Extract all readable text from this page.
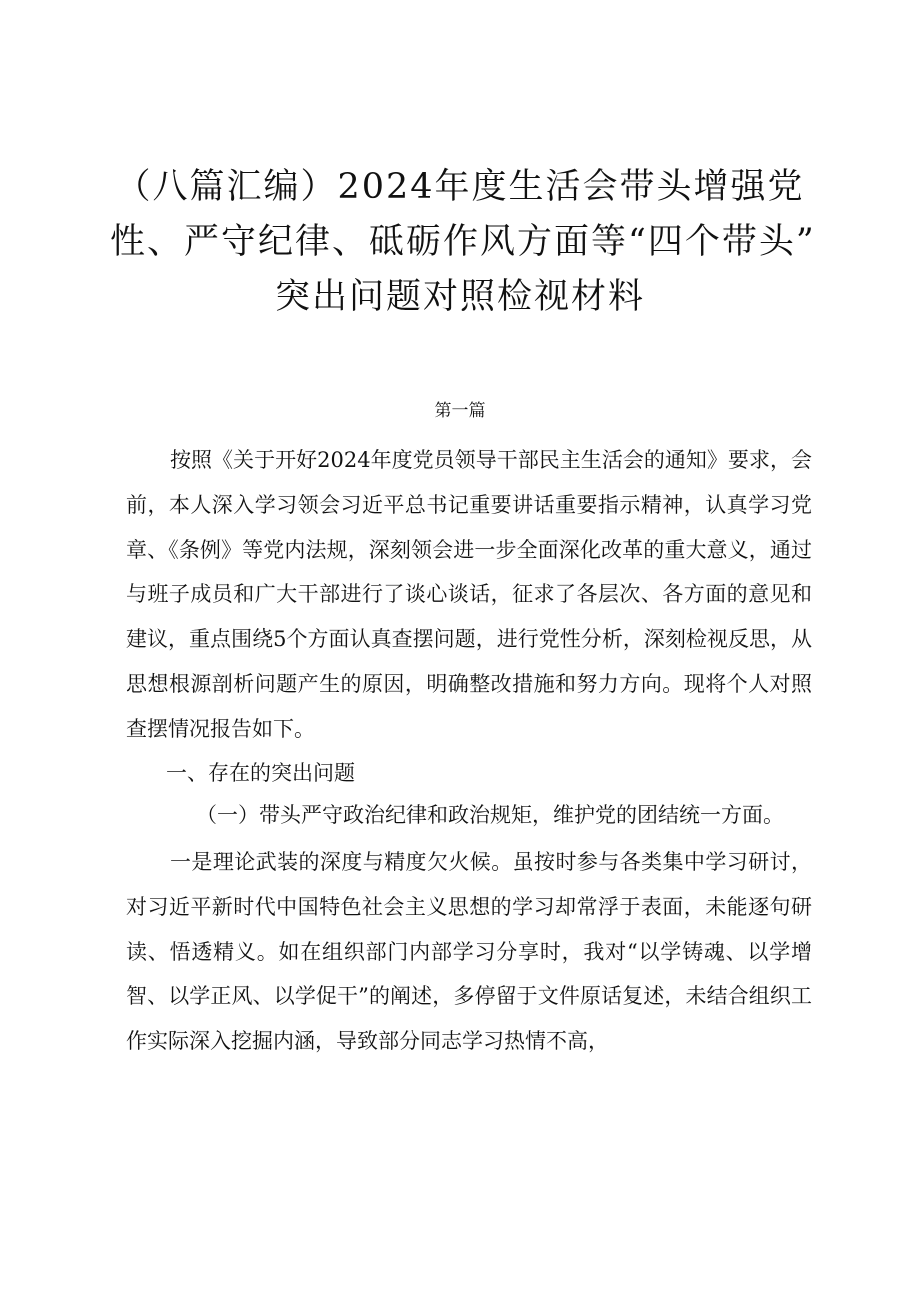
（八篇汇编）2024年度生活会带头增强党
性、严守纪律、砥砺作风方面等“四个带头”
突出问题对照检视材料

第一篇

按照《关于开好2024年度党员领导干部民主生活会的通知》要求，会前，本人深入学习领会习近平总书记重要讲话重要指示精神，认真学习党章、《条例》等党内法规，深刻领会进一步全面深化改革的重大意义，通过与班子成员和广大干部进行了谈心谈话，征求了各层次、各方面的意见和建议，重点围绕5个方面认真查摆问题，进行党性分析，深刻检视反思，从思想根源剖析问题产生的原因，明确整改措施和努力方向。现将个人对照查摆情况报告如下。

一、存在的突出问题

（一）带头严守政治纪律和政治规矩，维护党的团结统一方面。

一是理论武装的深度与精度欠火候。虽按时参与各类集中学习研讨，对习近平新时代中国特色社会主义思想的学习却常浮于表面，未能逐句研读、悟透精义。如在组织部门内部学习分享时，我对“以学铸魂、以学增智、以学正风、以学促干”的阐述，多停留于文件原话复述，未结合组织工作实际深入挖掘内涵，导致部分同志学习热情不高，
